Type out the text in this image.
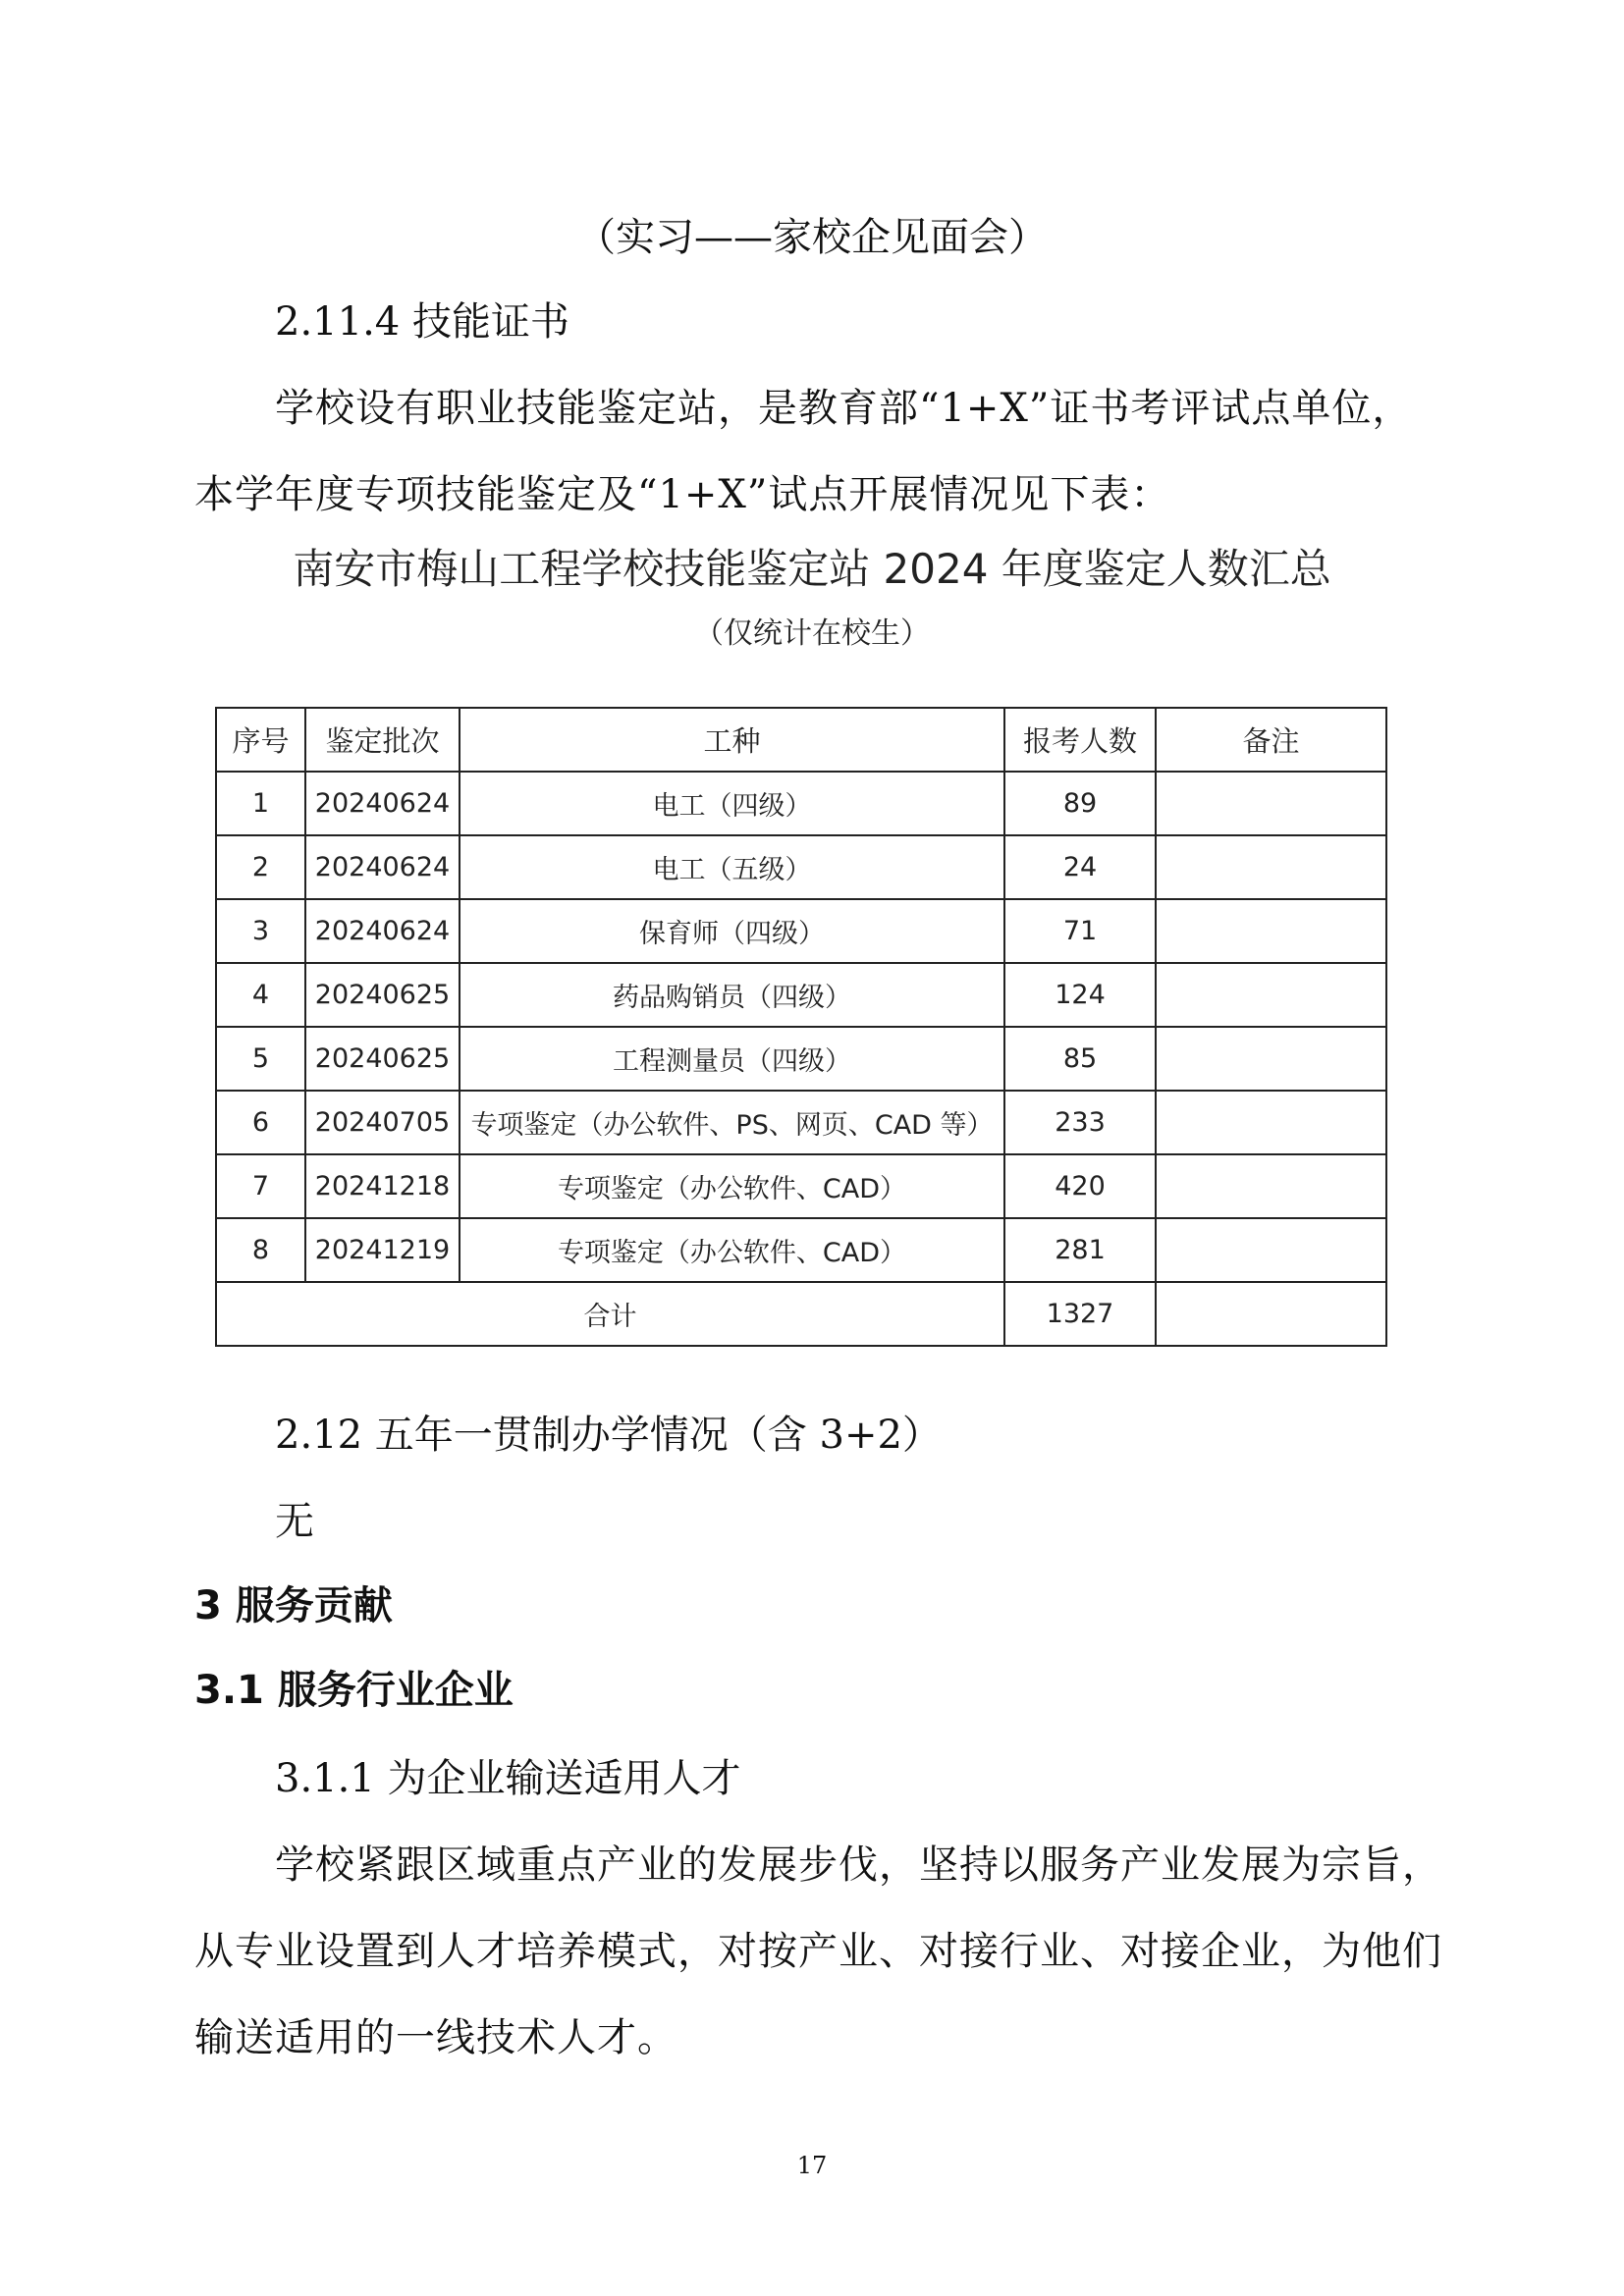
（实习——家校企见面会）
2.11.4 技能证书
学校设有职业技能鉴定站，是教育部“1+X”证书考评试点单位，
本学年度专项技能鉴定及“1+X”试点开展情况见下表：
南安市梅山工程学校技能鉴定站 2024 年度鉴定人数汇总
（仅统计在校生）
序号	鉴定批次	工种	报考人数	备注
1	20240624	电工（四级）	89	
2	20240624	电工（五级）	24	
3	20240624	保育师（四级）	71	
4	20240625	药品购销员（四级）	124	
5	20240625	工程测量员（四级）	85	
6	20240705	专项鉴定（办公软件、PS、网页、CAD 等）	233	
7	20241218	专项鉴定（办公软件、CAD）	420	
8	20241219	专项鉴定（办公软件、CAD）	281	
合计			1327	
2.12 五年一贯制办学情况（含 3+2）
无
3 服务贡献
3.1 服务行业企业
3.1.1 为企业输送适用人才
学校紧跟区域重点产业的发展步伐，坚持以服务产业发展为宗旨，
从专业设置到人才培养模式，对按产业、对接行业、对接企业，为他们
输送适用的一线技术人才。
17
